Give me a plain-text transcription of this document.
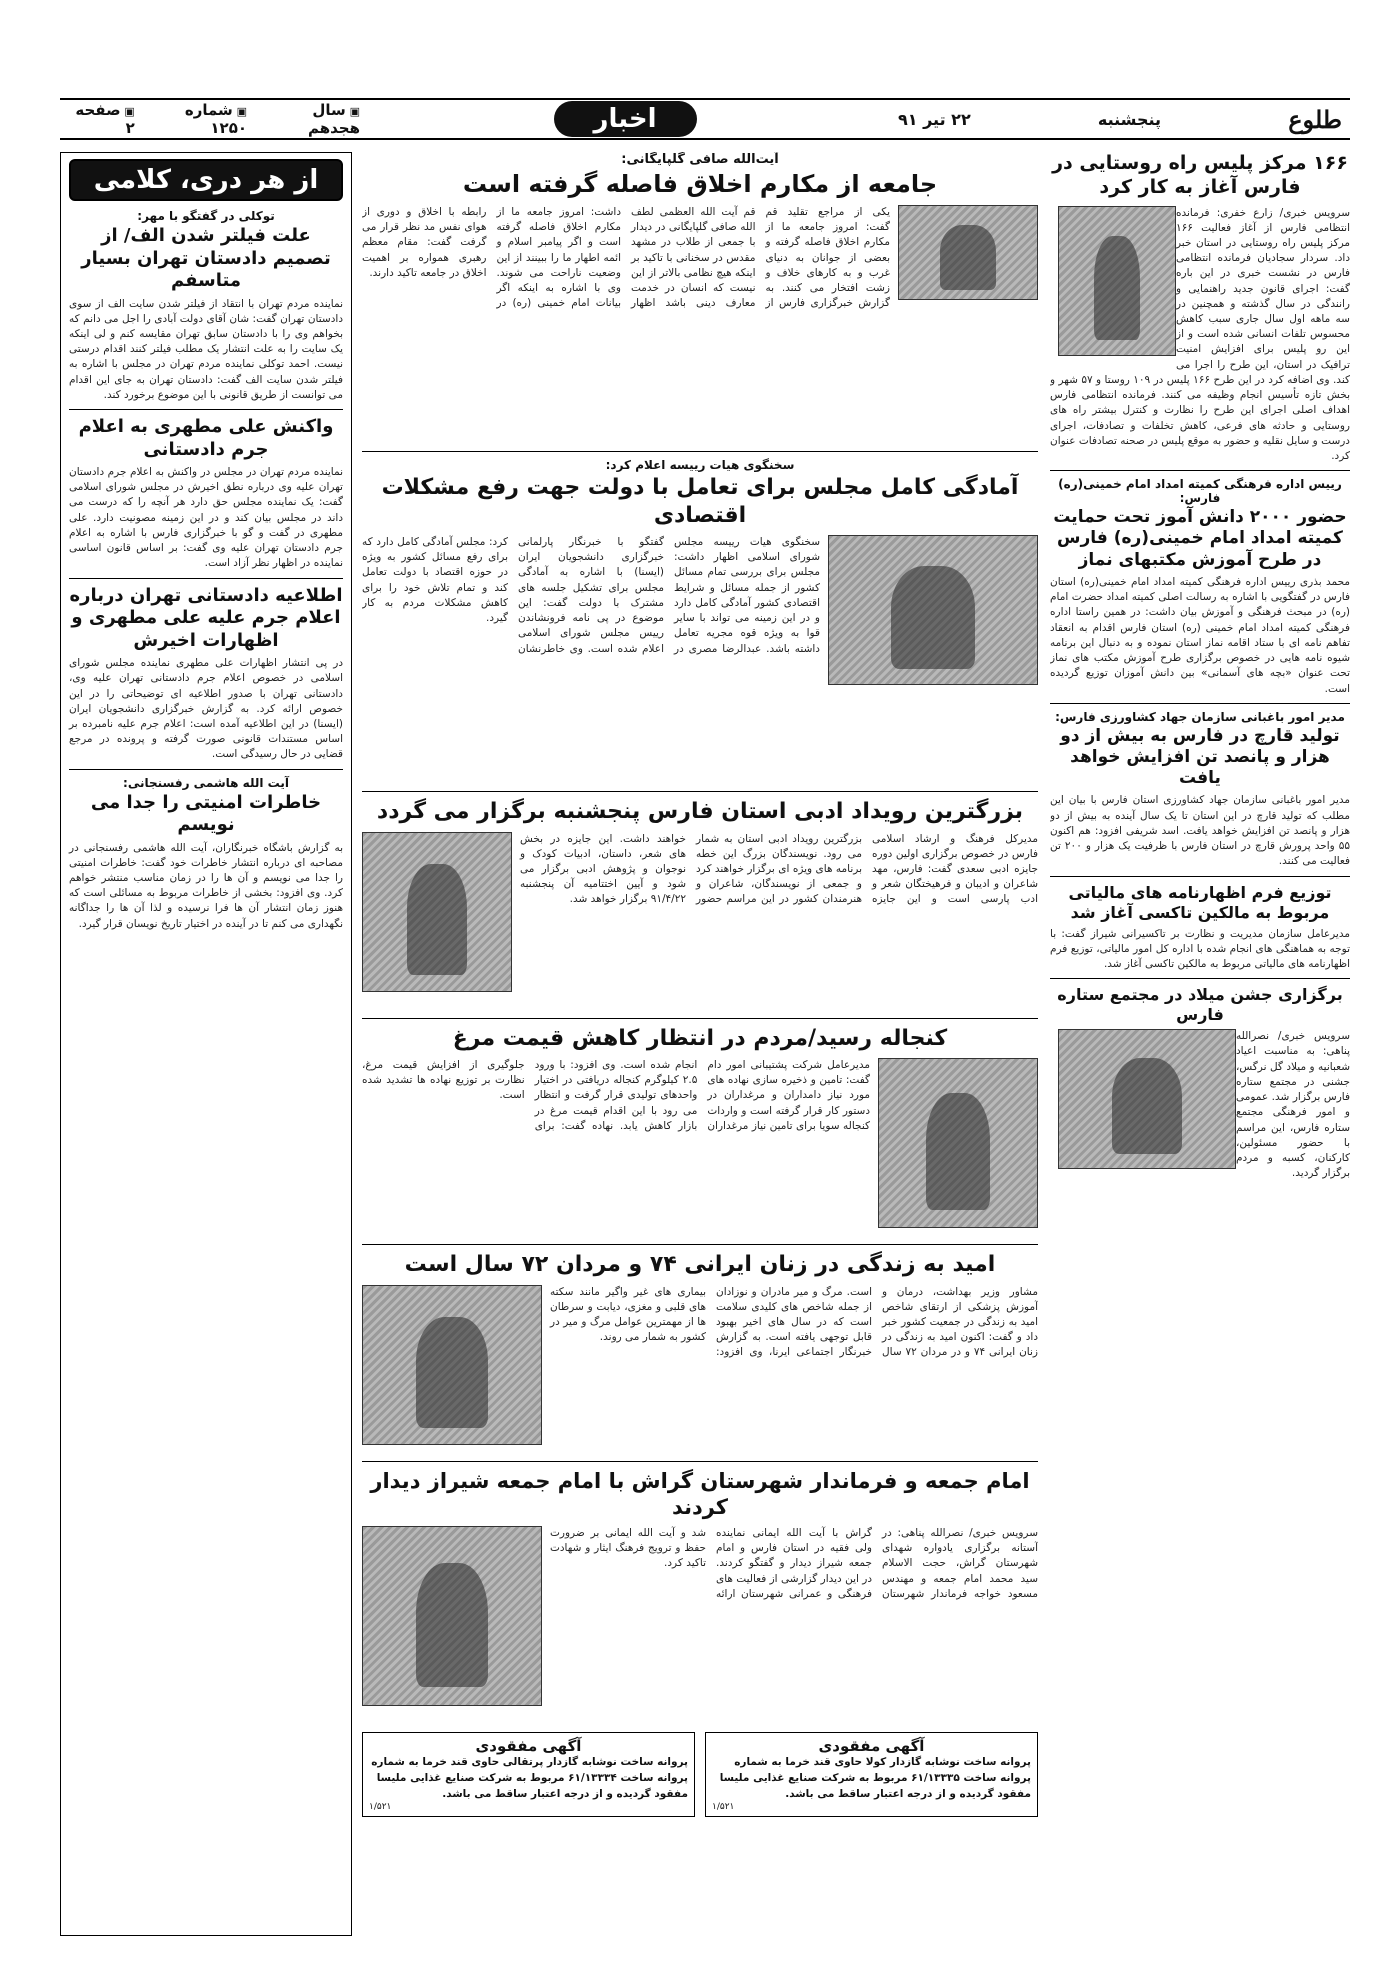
طلوع
پنجشنبه
۲۲ تیر ۹۱
اخبار
▣ سال هجدهم
▣ شماره ۱۲۵۰
▣ صفحه ۲
۱۶۶ مرکز پلیس راه روستایی در فارس آغاز به کار کرد

سرویس خبری/ زارع خفری: فرمانده انتظامی فارس از آغاز فعالیت ۱۶۶ مرکز پلیس راه روستایی در استان خبر داد. سردار سجادیان فرمانده انتظامی فارس در نشست خبری در این باره گفت: اجرای قانون جدید راهنمایی و رانندگی در سال گذشته و همچنین در سه ماهه اول سال جاری سبب کاهش محسوس تلفات انسانی شده است و از این رو پلیس برای افزایش امنیت ترافیک در استان، این طرح را اجرا می کند. وی اضافه کرد در این طرح ۱۶۶ پلیس در ۱۰۹ روستا و ۵۷ شهر و بخش تازه تأسیس انجام وظیفه می کنند. فرمانده انتظامی فارس اهداف اصلی اجرای این طرح را نظارت و کنترل بیشتر راه های روستایی و حادثه های فرعی، کاهش تخلفات و تصادفات، اجرای درست و سایل نقلیه و حضور به موقع پلیس در صحنه تصادفات عنوان کرد.

رییس اداره فرهنگی کمیته امداد امام خمینی(ره) فارس:
حضور ۲۰۰۰ دانش آموز تحت حمایت کمیته امداد امام خمینی(ره) فارس در طرح آموزش مکتبهای نماز

محمد بذری رییس اداره فرهنگی کمیته امداد امام خمینی(ره) استان فارس در گفتگویی با اشاره به رسالت اصلی کمیته امداد حضرت امام (ره) در مبحث فرهنگی و آموزش بیان داشت: در همین راستا اداره فرهنگی کمیته امداد امام خمینی (ره) استان فارس اقدام به انعقاد تفاهم نامه ای با ستاد اقامه نماز استان نموده و به دنبال این برنامه شیوه نامه هایی در خصوص برگزاری طرح آموزش مکتب های نماز تحت عنوان «بچه های آسمانی» بین دانش آموزان توزیع گردیده است.

مدیر امور باغبانی سازمان جهاد کشاورزی فارس:
تولید قارچ در فارس به بیش از دو هزار و پانصد تن افزایش خواهد یافت

مدیر امور باغبانی سازمان جهاد کشاورزی استان فارس با بیان این مطلب که تولید قارچ در این استان تا یک سال آینده به بیش از دو هزار و پانصد تن افزایش خواهد یافت. اسد شریفی افزود: هم اکنون ۵۵ واحد پرورش قارچ در استان فارس با ظرفیت یک هزار و ۲۰۰ تن فعالیت می کنند.

توزیع فرم اظهارنامه های مالیاتی مربوط به مالکین تاکسی آغاز شد

مدیرعامل سازمان مدیریت و نظارت بر تاکسیرانی شیراز گفت: با توجه به هماهنگی های انجام شده با اداره کل امور مالیاتی، توزیع فرم اظهارنامه های مالیاتی مربوط به مالکین تاکسی آغاز شد.

برگزاری جشن میلاد در مجتمع ستاره فارس

سرویس خبری/ نصرالله پناهی: به مناسبت اعیاد شعبانیه و میلاد گل نرگس، جشنی در مجتمع ستاره فارس برگزار شد. عمومی و امور فرهنگی مجتمع ستاره فارس، این مراسم با حضور مسئولین، کارکنان، کسبه و مردم برگزار گردید.

آیت‌الله صافی گلپایگانی:
جامعه از مکارم اخلاق فاصله گرفته است

یکی از مراجع تقلید قم گفت: امروز جامعه ما از مکارم اخلاق فاصله گرفته و بعضی از جوانان به دنیای غرب و به کارهای خلاف و زشت افتخار می کنند. به گزارش خبرگزاری فارس از قم آیت الله العظمی لطف الله صافی گلپایگانی در دیدار با جمعی از طلاب در مشهد مقدس در سخنانی با تاکید بر اینکه هیچ نظامی بالاتر از این نیست که انسان در خدمت معارف دینی باشد اظهار داشت: امروز جامعه ما از مکارم اخلاق فاصله گرفته است و اگر پیامبر اسلام و ائمه اطهار ما را ببینند از این وضعیت ناراحت می شوند. وی با اشاره به اینکه اگر بیانات امام خمینی (ره) در رابطه با اخلاق و دوری از هوای نفس مد نظر قرار می گرفت گفت: مقام معظم رهبری همواره بر اهمیت اخلاق در جامعه تاکید دارند.

سخنگوی هیات رییسه اعلام کرد:
آمادگی کامل مجلس برای تعامل با دولت جهت رفع مشکلات اقتصادی

سخنگوی هیات رییسه مجلس شورای اسلامی اظهار داشت: مجلس برای بررسی تمام مسائل کشور از جمله مسائل و شرایط اقتصادی کشور آمادگی کامل دارد و در این زمینه می تواند با سایر قوا به ویژه قوه مجریه تعامل داشته باشد. عبدالرضا مصری در گفتگو با خبرنگار پارلمانی خبرگزاری دانشجویان ایران (ایسنا) با اشاره به آمادگی مجلس برای تشکیل جلسه های مشترک با دولت گفت: این موضوع در پی نامه فرونشاندن رییس مجلس شورای اسلامی اعلام شده است. وی خاطرنشان کرد: مجلس آمادگی کامل دارد که برای رفع مسائل کشور به ویژه در حوزه اقتصاد با دولت تعامل کند و تمام تلاش خود را برای کاهش مشکلات مردم به کار گیرد.

بزرگترین رویداد ادبی استان فارس پنجشنبه برگزار می گردد

مدیرکل فرهنگ و ارشاد اسلامی فارس در خصوص برگزاری اولین دوره جایزه ادبی سعدی گفت: فارس، مهد شاعران و ادیبان و فرهیختگان شعر و ادب پارسی است و این جایزه بزرگترین رویداد ادبی استان به شمار می رود. نویسندگان بزرگ این خطه برنامه های ویژه ای برگزار خواهند کرد و جمعی از نویسندگان، شاعران و هنرمندان کشور در این مراسم حضور خواهند داشت. این جایزه در بخش های شعر، داستان، ادبیات کودک و نوجوان و پژوهش ادبی برگزار می شود و آیین اختتامیه آن پنجشنبه ۹۱/۴/۲۲ برگزار خواهد شد.

کنجاله رسید/مردم در انتظار کاهش قیمت مرغ

مدیرعامل شرکت پشتیبانی امور دام گفت: تامین و ذخیره سازی نهاده های مورد نیاز دامداران و مرغداران در دستور کار قرار گرفته است و واردات کنجاله سویا برای تامین نیاز مرغداران انجام شده است. وی افزود: با ورود ۲.۵ کیلوگرم کنجاله دریافتی در اختیار واحدهای تولیدی قرار گرفت و انتظار می رود با این اقدام قیمت مرغ در بازار کاهش یابد. نهاده گفت: برای جلوگیری از افزایش قیمت مرغ، نظارت بر توزیع نهاده ها تشدید شده است.

امید به زندگی در زنان ایرانی ۷۴ و مردان ۷۲ سال است

مشاور وزیر بهداشت، درمان و آموزش پزشکی از ارتقای شاخص امید به زندگی در جمعیت کشور خبر داد و گفت: اکنون امید به زندگی در زنان ایرانی ۷۴ و در مردان ۷۲ سال است. مرگ و میر مادران و نوزادان از جمله شاخص های کلیدی سلامت است که در سال های اخیر بهبود قابل توجهی یافته است. به گزارش خبرنگار اجتماعی ایرنا، وی افزود: بیماری های غیر واگیر مانند سکته های قلبی و مغزی، دیابت و سرطان ها از مهمترین عوامل مرگ و میر در کشور به شمار می روند.

امام جمعه و فرماندار شهرستان گراش با امام جمعه شیراز دیدار کردند

سرویس خبری/ نصرالله پناهی: در آستانه برگزاری یادواره شهدای شهرستان گراش، حجت الاسلام سید محمد امام جمعه و مهندس مسعود خواجه فرماندار شهرستان گراش با آیت الله ایمانی نماینده ولی فقیه در استان فارس و امام جمعه شیراز دیدار و گفتگو کردند. در این دیدار گزارشی از فعالیت های فرهنگی و عمرانی شهرستان ارائه شد و آیت الله ایمانی بر ضرورت حفظ و ترویج فرهنگ ایثار و شهادت تاکید کرد.

آگهی مفقودی
پروانه ساخت نوشابه گازدار کولا حاوی قند خرما به شماره پروانه ساخت ۶۱/۱۳۳۳۵ مربوط به شرکت صنایع غذایی ملیسا مفقود گردیده و از درجه اعتبار ساقط می باشد.
۱/۵۲۱
آگهی مفقودی
پروانه ساخت نوشابه گازدار پرتقالی حاوی قند خرما به شماره پروانه ساخت ۶۱/۱۳۳۳۴ مربوط به شرکت صنایع غذایی ملیسا مفقود گردیده و از درجه اعتبار ساقط می باشد.
۱/۵۲۱
از هر دری، کلامی
توکلی در گفتگو با مهر:
علت فیلتر شدن الف/ از تصمیم دادستان تهران بسیار متاسفم

نماینده مردم تهران با انتقاد از فیلتر شدن سایت الف از سوی دادستان تهران گفت: شان آقای دولت آبادی را اجل می دانم که بخواهم وی را با دادستان سابق تهران مقایسه کنم و لی اینکه یک سایت را به علت انتشار یک مطلب فیلتر کنند اقدام درستی نیست. احمد توکلی نماینده مردم تهران در مجلس با اشاره به فیلتر شدن سایت الف گفت: دادستان تهران به جای این اقدام می توانست از طریق قانونی با این موضوع برخورد کند.

واکنش علی مطهری به اعلام جرم دادستانی

نماینده مردم تهران در مجلس در واکنش به اعلام جرم دادستان تهران علیه وی درباره نطق اخیرش در مجلس شورای اسلامی گفت: یک نماینده مجلس حق دارد هر آنچه را که درست می داند در مجلس بیان کند و در این زمینه مصونیت دارد. علی مطهری در گفت و گو با خبرگزاری فارس با اشاره به اعلام جرم دادستان تهران علیه وی گفت: بر اساس قانون اساسی نماینده در اظهار نظر آزاد است.

اطلاعیه دادستانی تهران درباره اعلام جرم علیه علی مطهری و اظهارات اخیرش

در پی انتشار اظهارات علی مطهری نماینده مجلس شورای اسلامی در خصوص اعلام جرم دادستانی تهران علیه وی، دادستانی تهران با صدور اطلاعیه ای توضیحاتی را در این خصوص ارائه کرد. به گزارش خبرگزاری دانشجویان ایران (ایسنا) در این اطلاعیه آمده است: اعلام جرم علیه نامبرده بر اساس مستندات قانونی صورت گرفته و پرونده در مرجع قضایی در حال رسیدگی است.

آیت الله هاشمی رفسنجانی:
خاطرات امنیتی را جدا می نویسم

به گزارش باشگاه خبرنگاران، آیت الله هاشمی رفسنجانی در مصاحبه ای درباره انتشار خاطرات خود گفت: خاطرات امنیتی را جدا می نویسم و آن ها را در زمان مناسب منتشر خواهم کرد. وی افزود: بخشی از خاطرات مربوط به مسائلی است که هنوز زمان انتشار آن ها فرا نرسیده و لذا آن ها را جداگانه نگهداری می کنم تا در آینده در اختیار تاریخ نویسان قرار گیرد.
